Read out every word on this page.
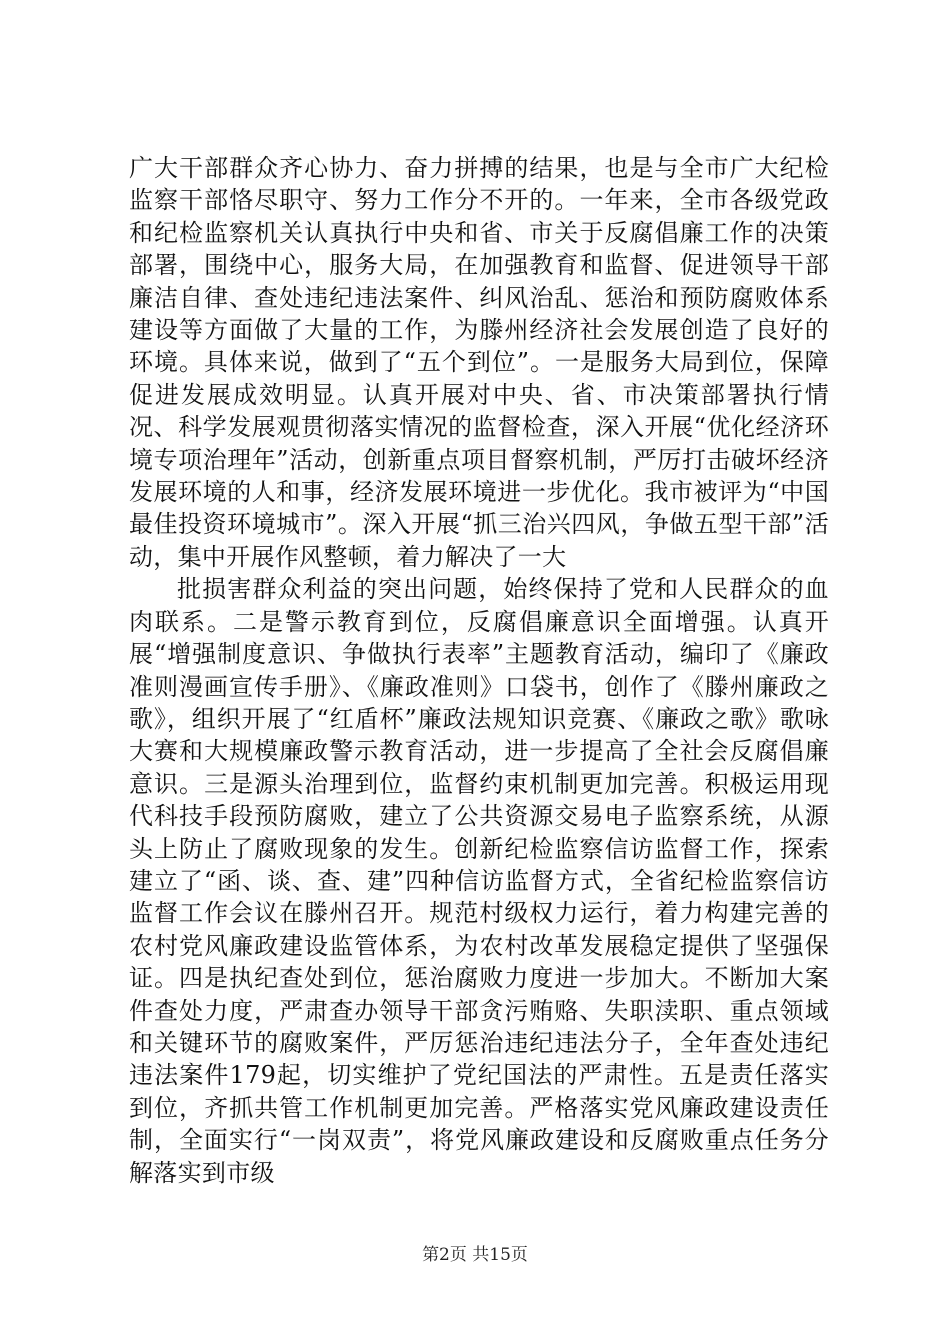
广大干部群众齐心协力、奋力拼搏的结果，也是与全市广大纪检监察干部恪尽职守、努力工作分不开的。一年来，全市各级党政和纪检监察机关认真执行中央和省、市关于反腐倡廉工作的决策部署，围绕中心，服务大局，在加强教育和监督、促进领导干部廉洁自律、查处违纪违法案件、纠风治乱、惩治和预防腐败体系建设等方面做了大量的工作，为滕州经济社会发展创造了良好的环境。具体来说，做到了“五个到位”。一是服务大局到位，保障促进发展成效明显。认真开展对中央、省、市决策部署执行情况、科学发展观贯彻落实情况的监督检查，深入开展“优化经济环境专项治理年”活动，创新重点项目督察机制，严厉打击破坏经济发展环境的人和事，经济发展环境进一步优化。我市被评为“中国最佳投资环境城市”。深入开展“抓三治兴四风，争做五型干部”活动，集中开展作风整顿，着力解决了一大

批损害群众利益的突出问题，始终保持了党和人民群众的血肉联系。二是警示教育到位，反腐倡廉意识全面增强。认真开展“增强制度意识、争做执行表率”主题教育活动，编印了《廉政准则漫画宣传手册》、《廉政准则》口袋书，创作了《滕州廉政之歌》，组织开展了“红盾杯”廉政法规知识竞赛、《廉政之歌》歌咏大赛和大规模廉政警示教育活动，进一步提高了全社会反腐倡廉意识。三是源头治理到位，监督约束机制更加完善。积极运用现代科技手段预防腐败，建立了公共资源交易电子监察系统，从源头上防止了腐败现象的发生。创新纪检监察信访监督工作，探索建立了“函、谈、查、建”四种信访监督方式，全省纪检监察信访监督工作会议在滕州召开。规范村级权力运行，着力构建完善的农村党风廉政建设监管体系，为农村改革发展稳定提供了坚强保证。四是执纪查处到位，惩治腐败力度进一步加大。不断加大案件查处力度，严肃查办领导干部贪污贿赂、失职渎职、重点领域和关键环节的腐败案件，严厉惩治违纪违法分子，全年查处违纪违法案件179起，切实维护了党纪国法的严肃性。五是责任落实到位，齐抓共管工作机制更加完善。严格落实党风廉政建设责任制，全面实行“一岗双责”，将党风廉政建设和反腐败重点任务分解落实到市级

第2页 共15页
